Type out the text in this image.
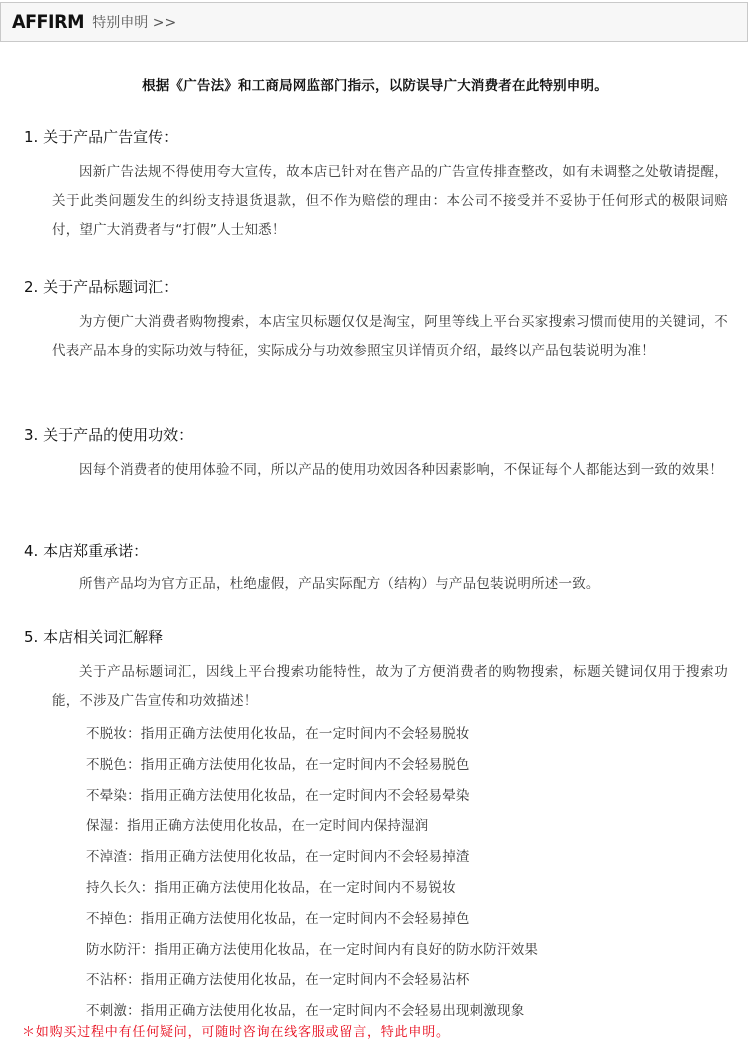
AFFIRM 特别申明 >>
根据《广告法》和工商局网监部门指示，以防误导广大消费者在此特别申明。
1. 关于产品广告宣传：
因新广告法规不得使用夸大宣传，故本店已针对在售产品的广告宣传排查整改，如有未调整之处敬请提醒，关于此类问题发生的纠纷支持退货退款，但不作为赔偿的理由：本公司不接受并不妥协于任何形式的极限词赔付，望广大消费者与“打假”人士知悉！
2. 关于产品标题词汇：
为方便广大消费者购物搜索，本店宝贝标题仅仅是淘宝，阿里等线上平台买家搜索习惯而使用的关键词，不代表产品本身的实际功效与特征，实际成分与功效参照宝贝详情页介绍，最终以产品包装说明为准！
3. 关于产品的使用功效：
因每个消费者的使用体验不同，所以产品的使用功效因各种因素影响，不保证每个人都能达到一致的效果！
4. 本店郑重承诺：
所售产品均为官方正品，杜绝虚假，产品实际配方（结构）与产品包装说明所述一致。
5. 本店相关词汇解释
关于产品标题词汇，因线上平台搜索功能特性，故为了方便消费者的购物搜索，标题关键词仅用于搜索功能，不涉及广告宣传和功效描述！
不脱妆：指用正确方法使用化妆品，在一定时间内不会轻易脱妆
不脱色：指用正确方法使用化妆品，在一定时间内不会轻易脱色
不晕染：指用正确方法使用化妆品，在一定时间内不会轻易晕染
保湿：指用正确方法使用化妆品，在一定时间内保持湿润
不淖渣：指用正确方法使用化妆品，在一定时间内不会轻易掉渣
持久长久：指用正确方法使用化妆品，在一定时间内不易锐妆
不掉色：指用正确方法使用化妆品，在一定时间内不会轻易掉色
防水防汗：指用正确方法使用化妆品，在一定时间内有良好的防水防汗效果
不沾杯：指用正确方法使用化妆品，在一定时间内不会轻易沾杯
不刺激：指用正确方法使用化妆品，在一定时间内不会轻易出现刺激现象
＊如购买过程中有任何疑问，可随时咨询在线客服或留言，特此申明。
